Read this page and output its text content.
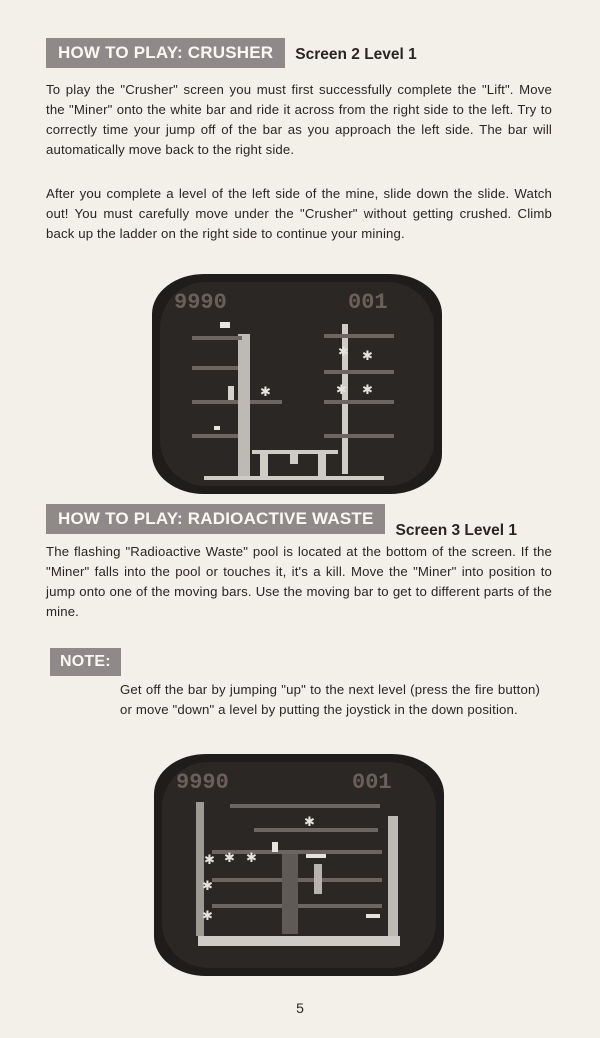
HOW TO PLAY: CRUSHER	Screen 2 Level 1

To play the "Crusher" screen you must first successfully complete the "Lift". Move the "Miner" onto the white bar and ride it across from the right side to the left. Try to correctly time your jump off of the bar as you approach the left side. The bar will automatically move back to the right side.

After you complete a level of the left side of the mine, slide down the slide. Watch out! You must carefully move under the "Crusher" without getting crushed. Climb back up the ladder on the right side to continue your mining.

9990	001
✱
✱ ✱
✱ ✱
HOW TO PLAY: RADIOACTIVE WASTE
Screen 3 Level 1

The flashing "Radioactive Waste" pool is located at the bottom of the screen. If the "Miner" falls into the pool or touches it, it's a kill. Move the "Miner" into position to jump onto one of the moving bars. Use the moving bar to get to different parts of the mine.

NOTE:

Get off the bar by jumping "up" to the next level (press the fire button) or move "down" a level by putting the joystick in the down position.

9990	001
✱
✱ ✱ ✱
✱
✱
5
